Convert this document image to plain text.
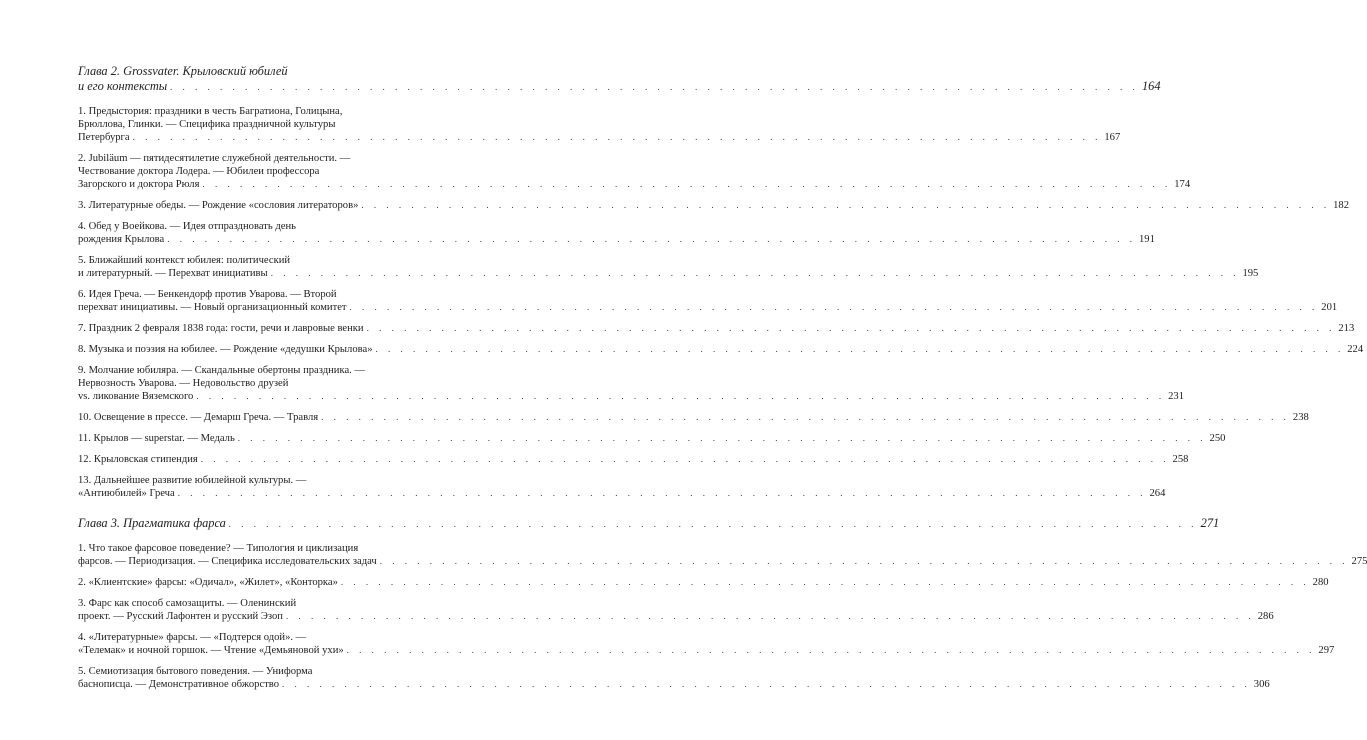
Глава 2. Grossvater. Крыловский юбилей
и его контексты . . .	164
1. Предыстория: праздники в честь Багратиона, Голицына,
Брюллова, Глинки. — Специфика праздничной культуры
Петербурга . . .	167
2. Jubiläum — пятидесятилетие служебной деятельности. —
Чествование доктора Лодера. — Юбилеи профессора
Загорского и доктора Рюля . . .	174
3. Литературные обеды. — Рождение «сословия литераторов» . . .	182
4. Обед у Воейкова. — Идея отпраздновать день
рождения Крылова . . .	191
5. Ближайший контекст юбилея: политический
и литературный. — Перехват инициативы . . .	195
6. Идея Греча. — Бенкендорф против Уварова. — Второй
перехват инициативы. — Новый организационный комитет . . .	201
7. Праздник 2 февраля 1838 года: гости, речи и лавровые венки . . .	213
8. Музыка и поэзия на юбилее. — Рождение «дедушки Крылова» . . .	224
9. Молчание юбиляра. — Скандальные обертоны праздника. —
Нервозность Уварова. — Недовольство друзей
vs. ликование Вяземского . . .	231
10. Освещение в прессе. — Демарш Греча. — Травля . . .	238
11. Крылов — superstar. — Медаль . . .	250
12. Крыловская стипендия . . .	258
13. Дальнейшее развитие юбилейной культуры. —
«Антиюбилей» Греча . . .	264
Глава 3. Прагматика фарса . . .	271
1. Что такое фарсовое поведение? — Типология и циклизация
фарсов. — Периодизация. — Специфика исследовательских задач . . .	275
2. «Клиентские» фарсы: «Одичал», «Жилет», «Конторка» . . .	280
3. Фарс как способ самозащиты. — Оленинский
проект. — Русский Лафонтен и русский Эзоп . . .	286
4. «Литературные» фарсы. — «Подтерся одой». —
«Телемак» и ночной горшок. — Чтение «Демьяновой ухи» . . .	297
5. Семиотизация бытового поведения. — Униформа
баснописца. — Демонстративное обжорство . . .	306
